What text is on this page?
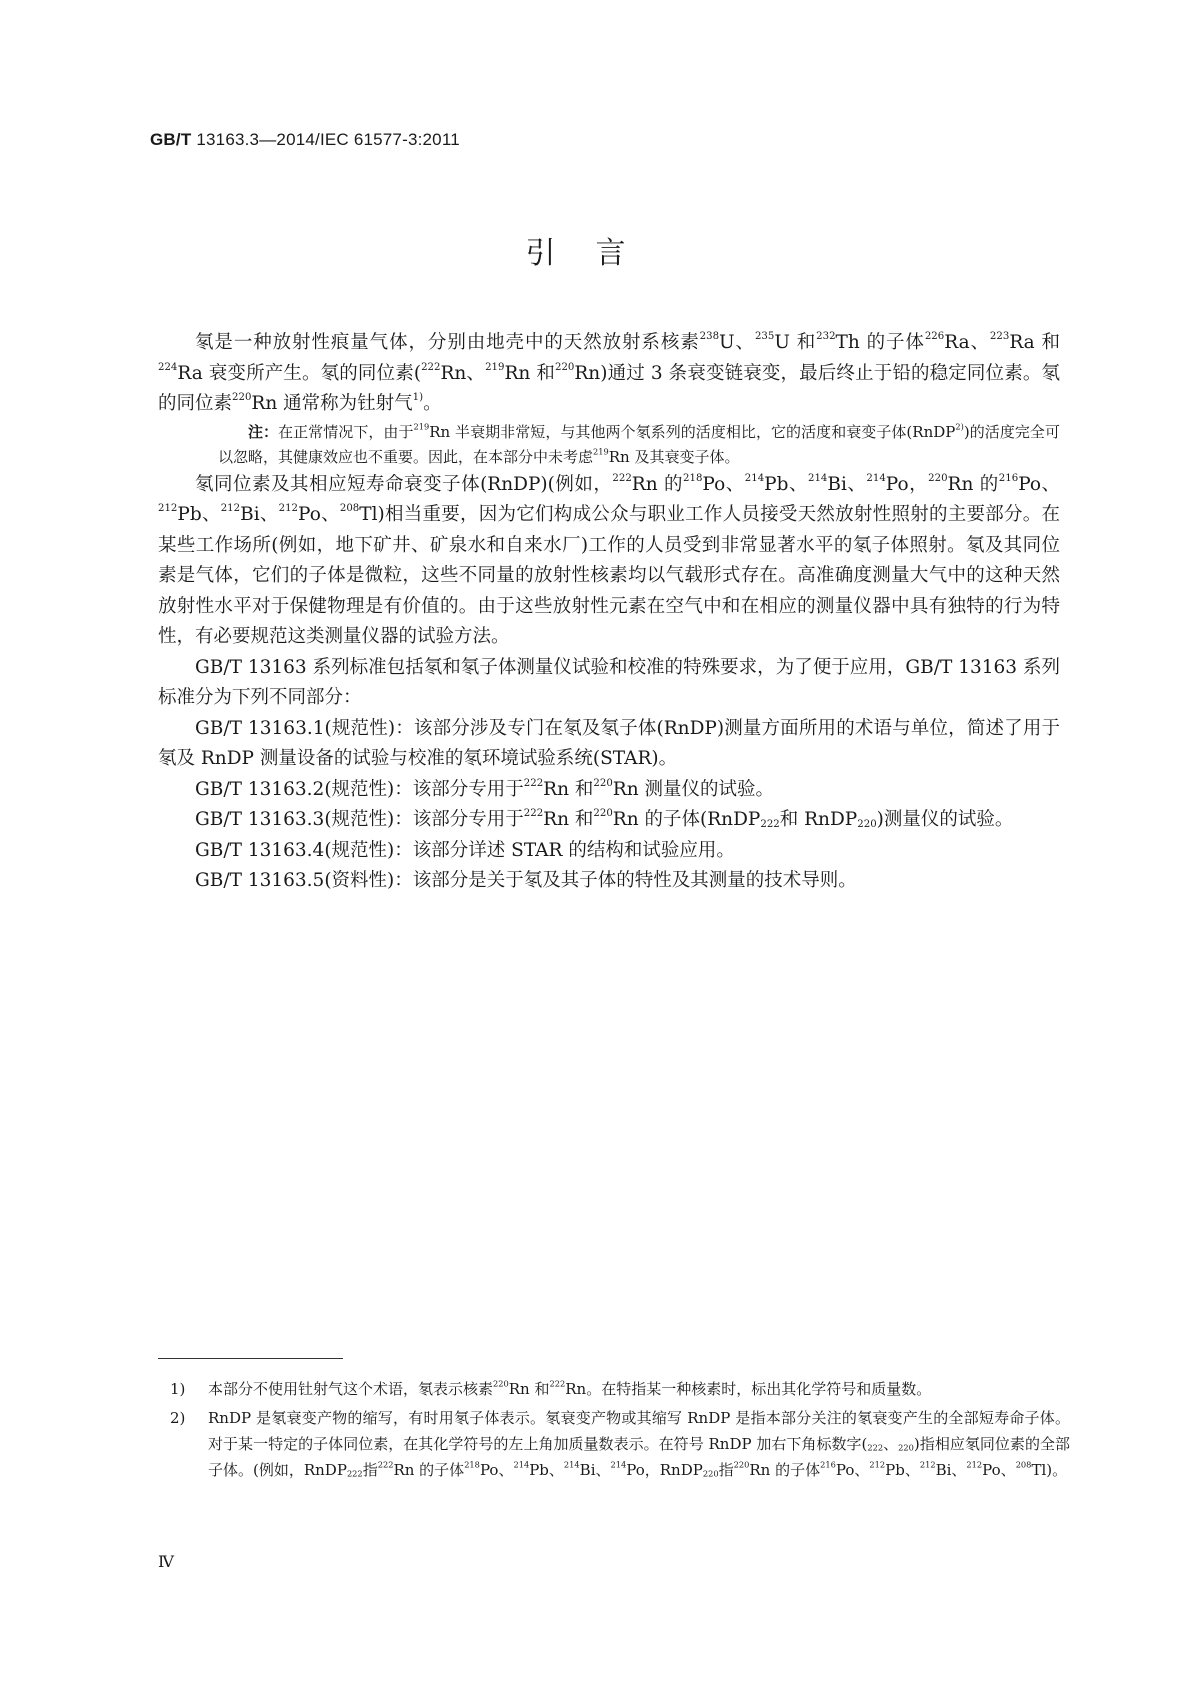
GB/T 13163.3—2014/IEC 61577-3:2011
引言

氡是一种放射性痕量气体，分别由地壳中的天然放射系核素$^{238}$U、$^{235}$U 和$^{232}$Th 的子体$^{226}$Ra、$^{223}$Ra 和$^{224}$Ra 衰变所产生。氡的同位素($^{222}$Rn、$^{219}$Rn 和$^{220}$Rn)通过 3 条衰变链衰变，最后终止于铅的稳定同位素。氡的同位素$^{220}$Rn 通常称为钍射气$^{1)}$。

注：在正常情况下，由于$^{219}$Rn 半衰期非常短，与其他两个氡系列的活度相比，它的活度和衰变子体(RnDP$^{2)}$)的活度完全可以忽略，其健康效应也不重要。因此，在本部分中未考虑$^{219}$Rn 及其衰变子体。

氡同位素及其相应短寿命衰变子体(RnDP)(例如，$^{222}$Rn 的$^{218}$Po、$^{214}$Pb、$^{214}$Bi、$^{214}$Po，$^{220}$Rn 的$^{216}$Po、$^{212}$Pb、$^{212}$Bi、$^{212}$Po、$^{208}$Tl)相当重要，因为它们构成公众与职业工作人员接受天然放射性照射的主要部分。在某些工作场所(例如，地下矿井、矿泉水和自来水厂)工作的人员受到非常显著水平的氡子体照射。氡及其同位素是气体，它们的子体是微粒，这些不同量的放射性核素均以气载形式存在。高准确度测量大气中的这种天然放射性水平对于保健物理是有价值的。由于这些放射性元素在空气中和在相应的测量仪器中具有独特的行为特性，有必要规范这类测量仪器的试验方法。

GB/T 13163 系列标准包括氡和氡子体测量仪试验和校准的特殊要求，为了便于应用，GB/T 13163 系列标准分为下列不同部分：

GB/T 13163.1(规范性)：该部分涉及专门在氡及氡子体(RnDP)测量方面所用的术语与单位，简述了用于氡及 RnDP 测量设备的试验与校准的氡环境试验系统(STAR)。

GB/T 13163.2(规范性)：该部分专用于$^{222}$Rn 和$^{220}$Rn 测量仪的试验。

GB/T 13163.3(规范性)：该部分专用于$^{222}$Rn 和$^{220}$Rn 的子体(RnDP$_{222}$和 RnDP$_{220}$)测量仪的试验。

GB/T 13163.4(规范性)：该部分详述 STAR 的结构和试验应用。

GB/T 13163.5(资料性)：该部分是关于氡及其子体的特性及其测量的技术导则。

1)	本部分不使用钍射气这个术语，氡表示核素$^{220}$Rn 和$^{222}$Rn。在特指某一种核素时，标出其化学符号和质量数。
2)	RnDP 是氡衰变产物的缩写，有时用氡子体表示。氡衰变产物或其缩写 RnDP 是指本部分关注的氡衰变产生的全部短寿命子体。对于某一特定的子体同位素，在其化学符号的左上角加质量数表示。在符号 RnDP 加右下角标数字($_{222}$、$_{220}$)指相应氡同位素的全部子体。(例如，RnDP$_{222}$指$^{222}$Rn 的子体$^{218}$Po、$^{214}$Pb、$^{214}$Bi、$^{214}$Po，RnDP$_{220}$指$^{220}$Rn 的子体$^{216}$Po、$^{212}$Pb、$^{212}$Bi、$^{212}$Po、$^{208}$Tl)。
Ⅳ
